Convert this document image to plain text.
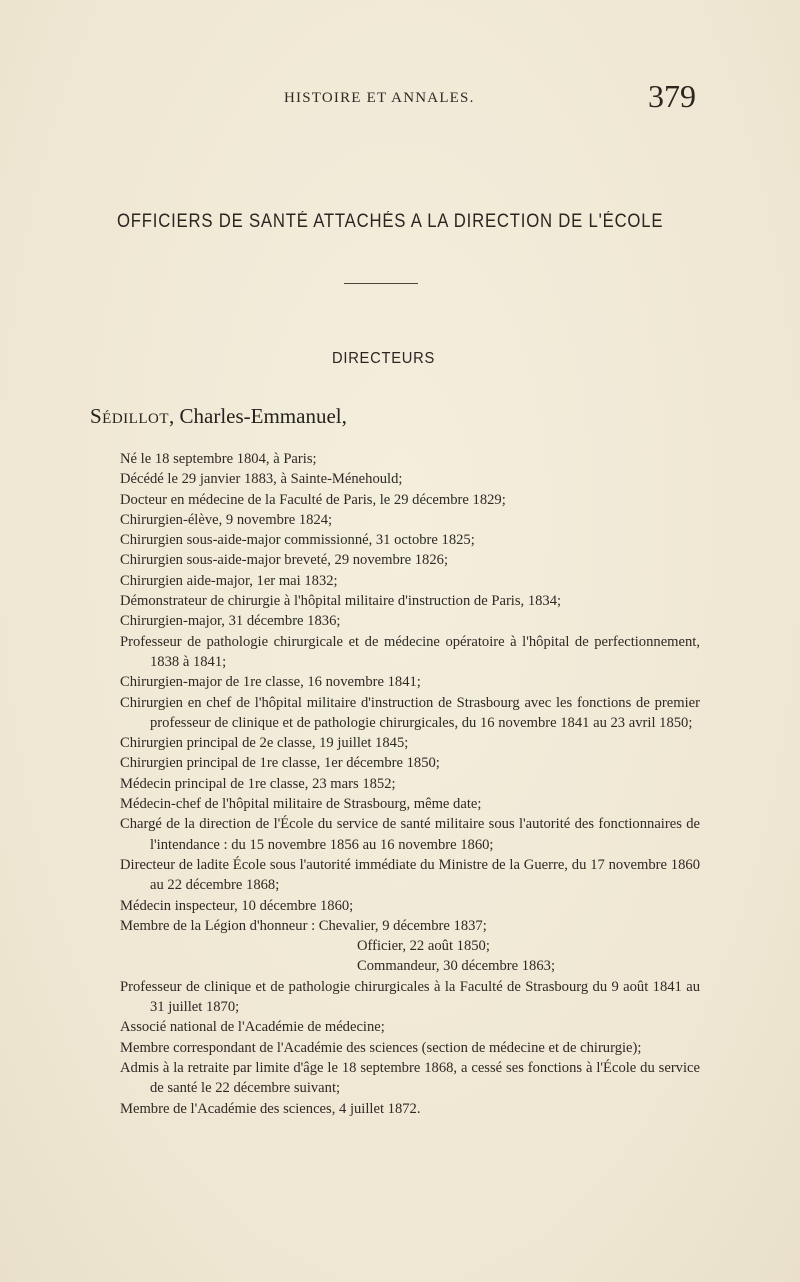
HISTOIRE ET ANNALES.	379
OFFICIERS DE SANTÉ ATTACHÉS A LA DIRECTION DE L'ÉCOLE
DIRECTEURS
Sédillot, Charles-Emmanuel,
Né le 18 septembre 1804, à Paris;
Décédé le 29 janvier 1883, à Sainte-Ménehould;
Docteur en médecine de la Faculté de Paris, le 29 décembre 1829;
Chirurgien-élève, 9 novembre 1824;
Chirurgien sous-aide-major commissionné, 31 octobre 1825;
Chirurgien sous-aide-major breveté, 29 novembre 1826;
Chirurgien aide-major, 1er mai 1832;
Démonstrateur de chirurgie à l'hôpital militaire d'instruction de Paris, 1834;
Chirurgien-major, 31 décembre 1836;
Professeur de pathologie chirurgicale et de médecine opératoire à l'hôpital de perfectionnement, 1838 à 1841;
Chirurgien-major de 1re classe, 16 novembre 1841;
Chirurgien en chef de l'hôpital militaire d'instruction de Strasbourg avec les fonctions de premier professeur de clinique et de pathologie chirurgicales, du 16 novembre 1841 au 23 avril 1850;
Chirurgien principal de 2e classe, 19 juillet 1845;
Chirurgien principal de 1re classe, 1er décembre 1850;
Médecin principal de 1re classe, 23 mars 1852;
Médecin-chef de l'hôpital militaire de Strasbourg, même date;
Chargé de la direction de l'École du service de santé militaire sous l'autorité des fonctionnaires de l'intendance : du 15 novembre 1856 au 16 novembre 1860;
Directeur de ladite École sous l'autorité immédiate du Ministre de la Guerre, du 17 novembre 1860 au 22 décembre 1868;
Médecin inspecteur, 10 décembre 1860;
Membre de la Légion d'honneur : Chevalier, 9 décembre 1837;
Officier, 22 août 1850;
Commandeur, 30 décembre 1863;
Professeur de clinique et de pathologie chirurgicales à la Faculté de Strasbourg du 9 août 1841 au 31 juillet 1870;
Associé national de l'Académie de médecine;
Membre correspondant de l'Académie des sciences (section de médecine et de chirurgie);
Admis à la retraite par limite d'âge le 18 septembre 1868, a cessé ses fonctions à l'École du service de santé le 22 décembre suivant;
Membre de l'Académie des sciences, 4 juillet 1872.
